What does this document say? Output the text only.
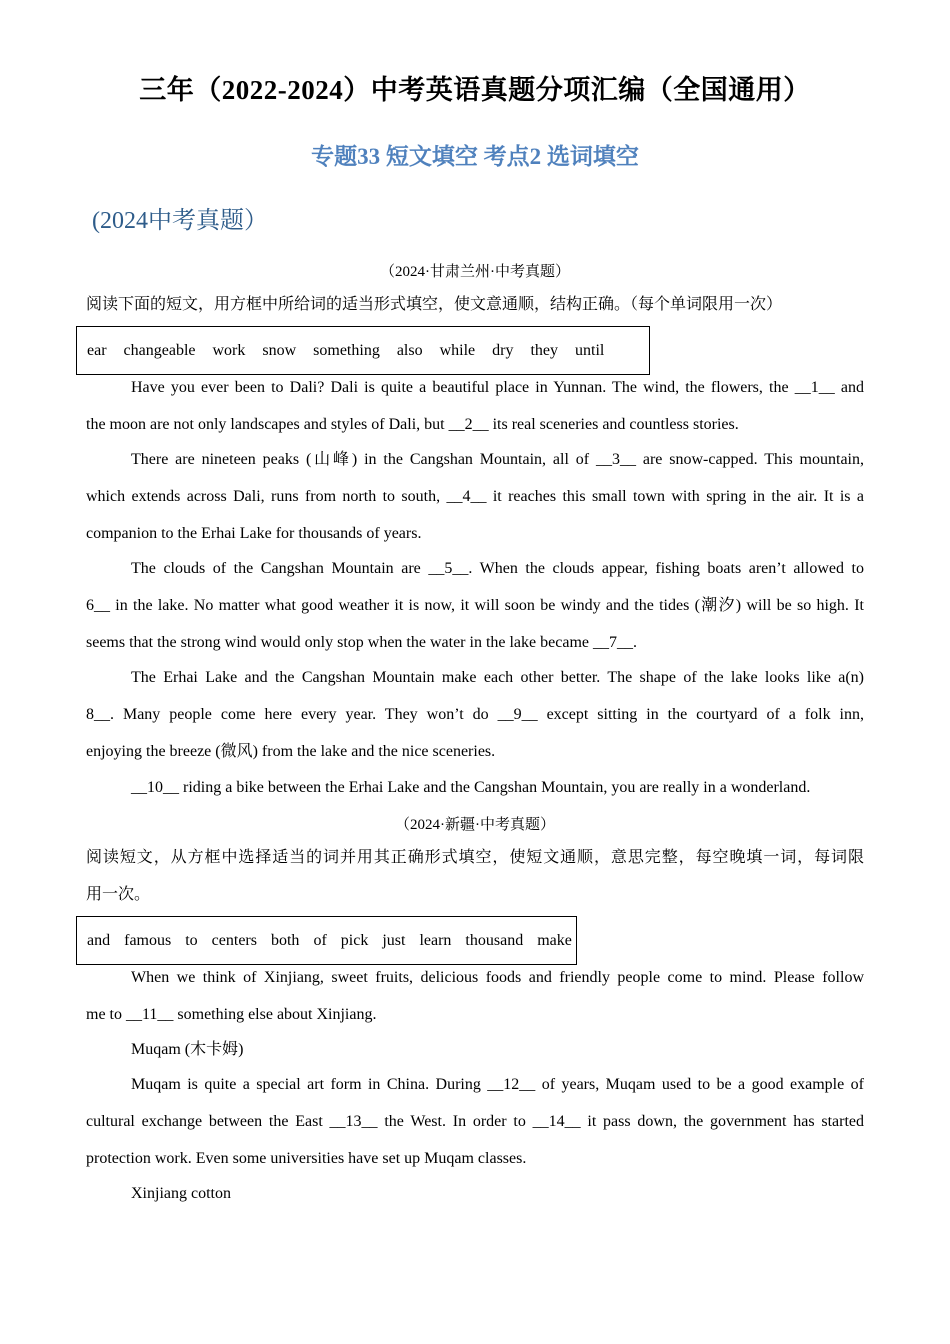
三年（2022-2024）中考英语真题分项汇编（全国通用）
专题33 短文填空 考点2 选词填空
(2024中考真题）
（2024·甘肃兰州·中考真题）
阅读下面的短文，用方框中所给词的适当形式填空，使文意通顺，结构正确。（每个单词限用一次）
ear changeable work snow something also while dry they until
Have you ever been to Dali? Dali is quite a beautiful place in Yunnan. The wind, the flowers, the __1__ and
the moon are not only landscapes and styles of Dali, but __2__ its real sceneries and countless stories.
There are nineteen peaks (山峰) in the Cangshan Mountain, all of __3__ are snow-capped. This mountain,
which extends across Dali, runs from north to south, __4__ it reaches this small town with spring in the air. It is a
companion to the Erhai Lake for thousands of years.
The clouds of the Cangshan Mountain are __5__. When the clouds appear, fishing boats aren’t allowed to
6__ in the lake. No matter what good weather it is now, it will soon be windy and the tides (潮汐) will be so high. It
seems that the strong wind would only stop when the water in the lake became __7__.
The Erhai Lake and the Cangshan Mountain make each other better. The shape of the lake looks like a(n)
8__. Many people come here every year. They won’t do __9__ except sitting in the courtyard of a folk inn,
enjoying the breeze (微风) from the lake and the nice sceneries.
__10__ riding a bike between the Erhai Lake and the Cangshan Mountain, you are really in a wonderland.
（2024·新疆·中考真题）
阅读短文，从方框中选择适当的词并用其正确形式填空，使短文通顺，意思完整，每空晚填一词，每词限
用一次。
and famous to centers both of pick just learn thousand make
When we think of Xinjiang, sweet fruits, delicious foods and friendly people come to mind. Please follow
me to __11__ something else about Xinjiang.
Muqam (木卡姆)
Muqam is quite a special art form in China. During __12__ of years, Muqam used to be a good example of
cultural exchange between the East __13__ the West. In order to __14__ it pass down, the government has started
protection work. Even some universities have set up Muqam classes.
Xinjiang cotton
